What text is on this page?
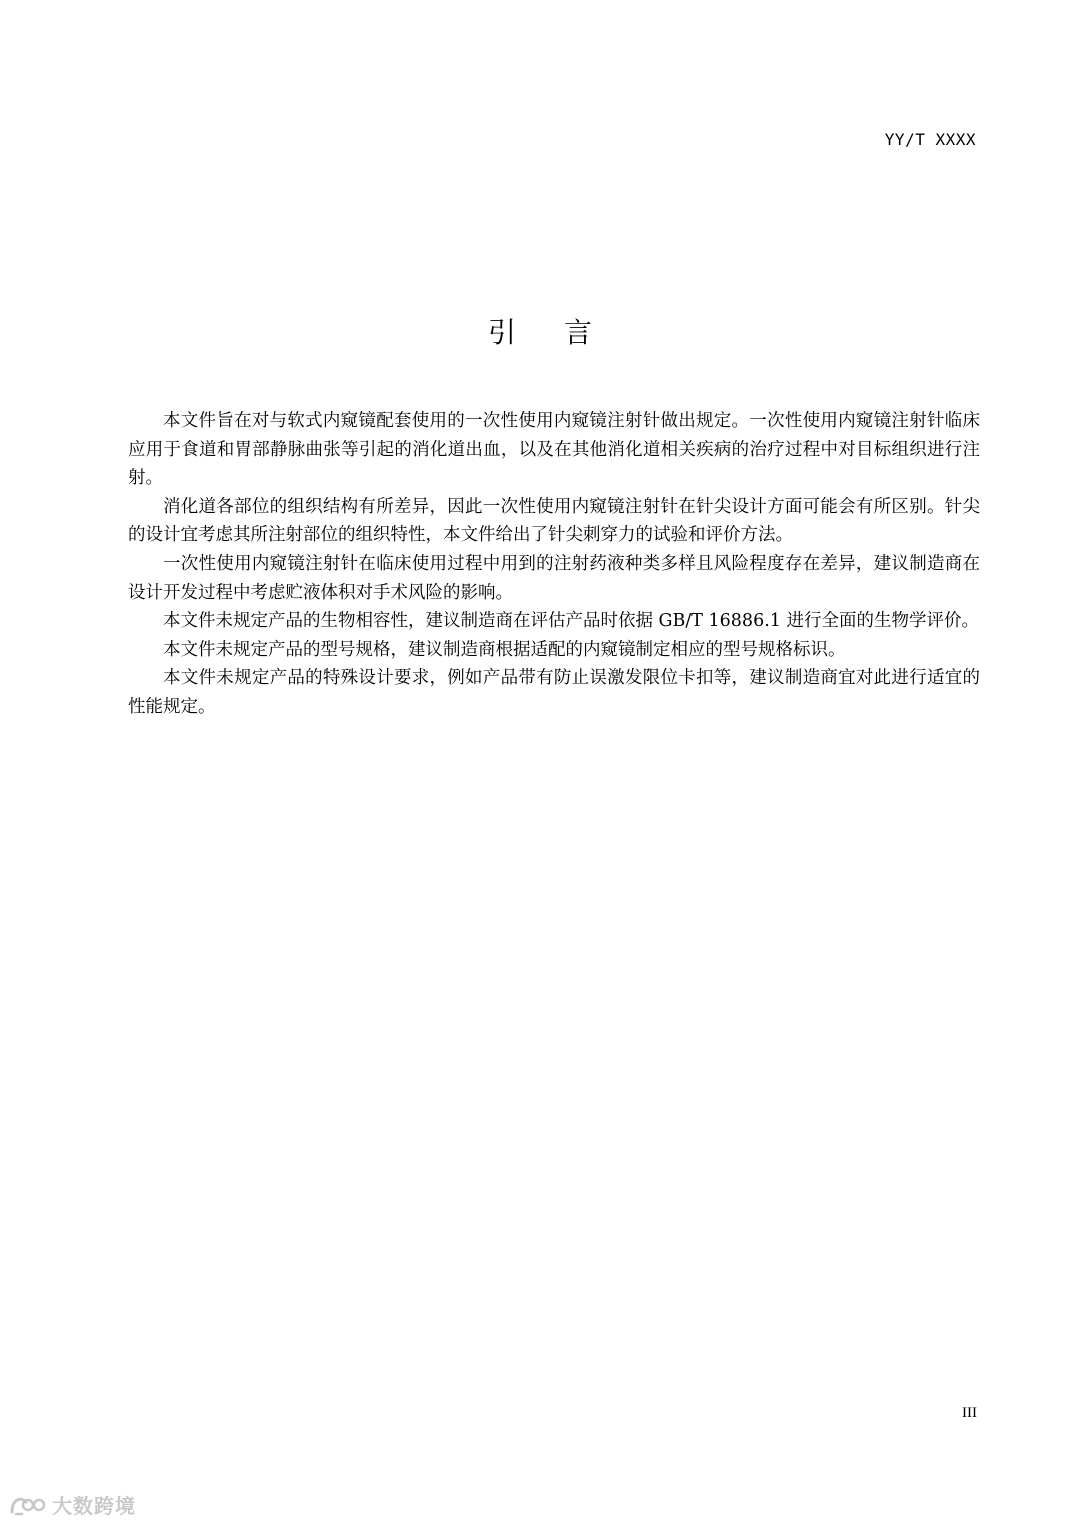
YY/T XXXX
引言

本文件旨在对与软式内窥镜配套使用的一次性使用内窥镜注射针做出规定。一次性使用内窥镜注射针临床应用于食道和胃部静脉曲张等引起的消化道出血，以及在其他消化道相关疾病的治疗过程中对目标组织进行注射。

消化道各部位的组织结构有所差异，因此一次性使用内窥镜注射针在针尖设计方面可能会有所区别。针尖的设计宜考虑其所注射部位的组织特性，本文件给出了针尖刺穿力的试验和评价方法。

一次性使用内窥镜注射针在临床使用过程中用到的注射药液种类多样且风险程度存在差异，建议制造商在设计开发过程中考虑贮液体积对手术风险的影响。

本文件未规定产品的生物相容性，建议制造商在评估产品时依据 GB/T 16886.1 进行全面的生物学评价。

本文件未规定产品的型号规格，建议制造商根据适配的内窥镜制定相应的型号规格标识。

本文件未规定产品的特殊设计要求，例如产品带有防止误激发限位卡扣等，建议制造商宜对此进行适宜的性能规定。

III
大数跨境
